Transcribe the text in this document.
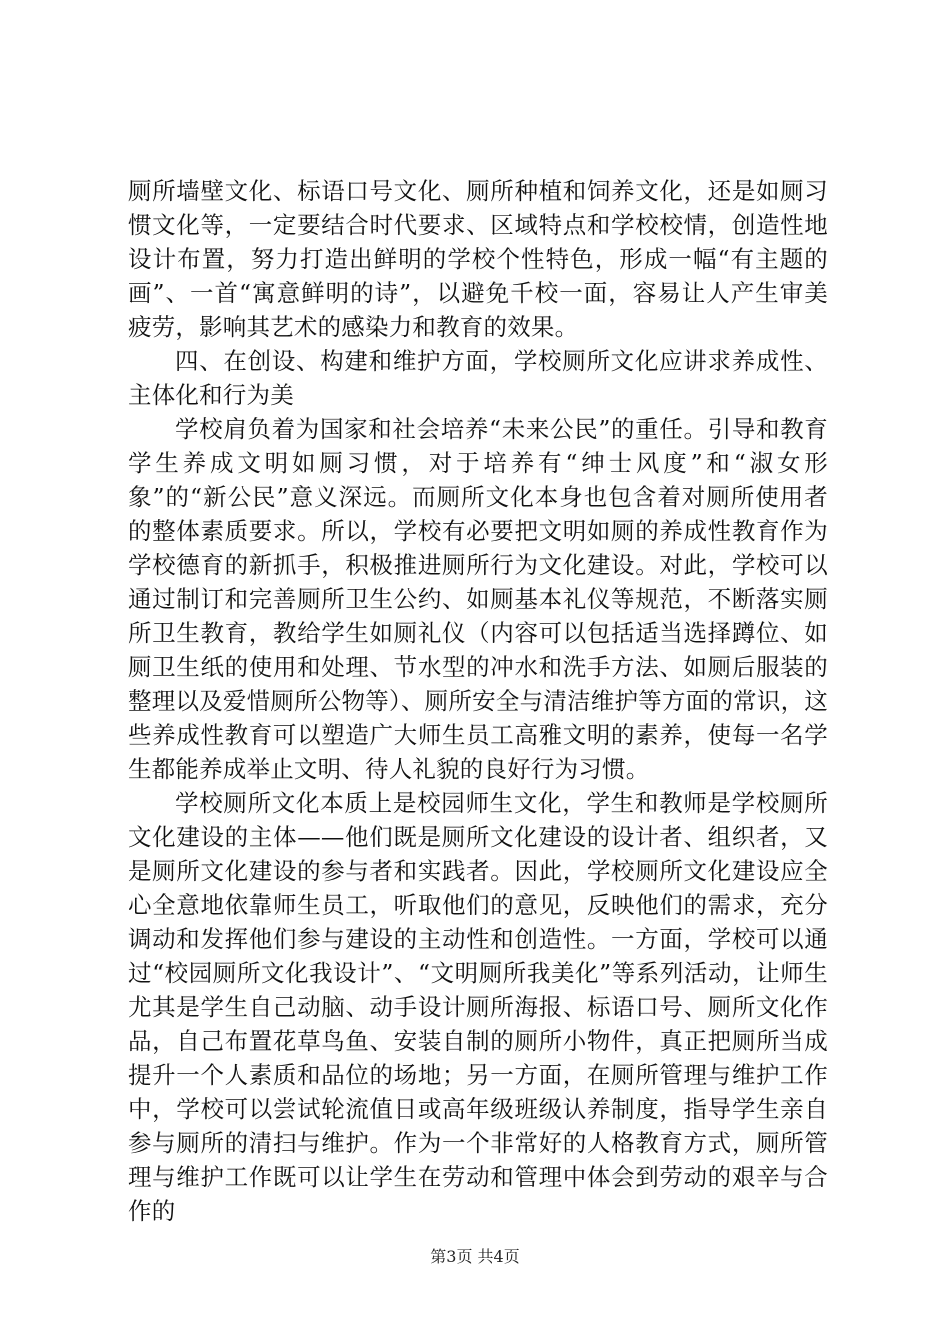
厕所墙壁文化、标语口号文化、厕所种植和饲养文化，还是如厕习惯文化等，一定要结合时代要求、区域特点和学校校情，创造性地设计布置，努力打造出鲜明的学校个性特色，形成一幅“有主题的画”、一首“寓意鲜明的诗”，以避免千校一面，容易让人产生审美疲劳，影响其艺术的感染力和教育的效果。

四、在创设、构建和维护方面，学校厕所文化应讲求养成性、主体化和行为美

学校肩负着为国家和社会培养“未来公民”的重任。引导和教育学生养成文明如厕习惯，对于培养有“绅士风度”和“淑女形象”的“新公民”意义深远。而厕所文化本身也包含着对厕所使用者的整体素质要求。所以，学校有必要把文明如厕的养成性教育作为学校德育的新抓手，积极推进厕所行为文化建设。对此，学校可以通过制订和完善厕所卫生公约、如厕基本礼仪等规范，不断落实厕所卫生教育，教给学生如厕礼仪（内容可以包括适当选择蹲位、如厕卫生纸的使用和处理、节水型的冲水和洗手方法、如厕后服装的整理以及爱惜厕所公物等）、厕所安全与清洁维护等方面的常识，这些养成性教育可以塑造广大师生员工高雅文明的素养，使每一名学生都能养成举止文明、待人礼貌的良好行为习惯。

学校厕所文化本质上是校园师生文化，学生和教师是学校厕所文化建设的主体——他们既是厕所文化建设的设计者、组织者，又是厕所文化建设的参与者和实践者。因此，学校厕所文化建设应全心全意地依靠师生员工，听取他们的意见，反映他们的需求，充分调动和发挥他们参与建设的主动性和创造性。一方面，学校可以通过“校园厕所文化我设计”、“文明厕所我美化”等系列活动，让师生尤其是学生自己动脑、动手设计厕所海报、标语口号、厕所文化作品，自己布置花草鸟鱼、安装自制的厕所小物件，真正把厕所当成提升一个人素质和品位的场地；另一方面，在厕所管理与维护工作中，学校可以尝试轮流值日或高年级班级认养制度，指导学生亲自参与厕所的清扫与维护。作为一个非常好的人格教育方式，厕所管理与维护工作既可以让学生在劳动和管理中体会到劳动的艰辛与合作的

第3页 共4页
